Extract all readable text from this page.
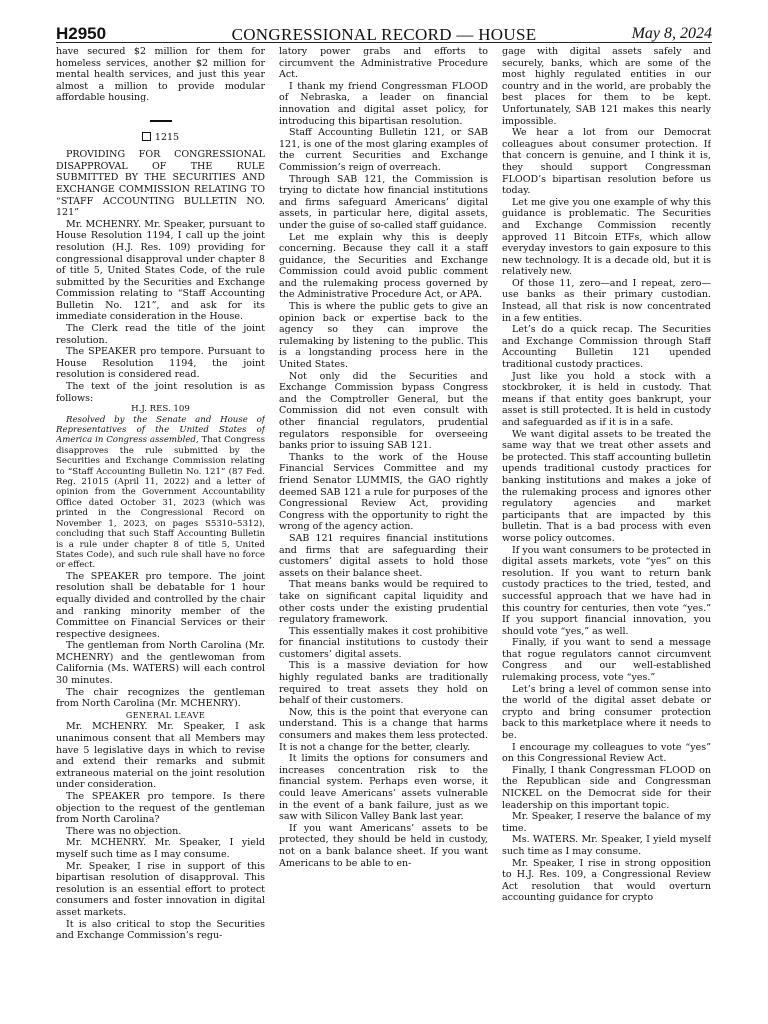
H2950	CONGRESSIONAL RECORD — HOUSE	May 8, 2024

have secured $2 million for them for homeless services, another $2 million for mental health services, and just this year almost a million to provide modular affordable housing.

1215

PROVIDING FOR CONGRESSIONAL DISAPPROVAL OF THE RULE SUBMITTED BY THE SECURITIES AND EXCHANGE COMMISSION RELATING TO “STAFF ACCOUNTING BULLETIN NO. 121”

Mr. MCHENRY. Mr. Speaker, pursuant to House Resolution 1194, I call up the joint resolution (H.J. Res. 109) providing for congressional disapproval under chapter 8 of title 5, United States Code, of the rule submitted by the Securities and Exchange Commission relating to “Staff Accounting Bulletin No. 121”, and ask for its immediate consideration in the House.

The Clerk read the title of the joint resolution.

The SPEAKER pro tempore. Pursuant to House Resolution 1194, the joint resolution is considered read.

The text of the joint resolution is as follows:

H.J. RES. 109

Resolved by the Senate and House of Representatives of the United States of America in Congress assembled, That Congress disapproves the rule submitted by the Securities and Exchange Commission relating to “Staff Accounting Bulletin No. 121” (87 Fed. Reg. 21015 (April 11, 2022) and a letter of opinion from the Government Accountability Office dated October 31, 2023 (which was printed in the Congressional Record on November 1, 2023, on pages S5310–5312), concluding that such Staff Accounting Bulletin is a rule under chapter 8 of title 5, United States Code), and such rule shall have no force or effect.

The SPEAKER pro tempore. The joint resolution shall be debatable for 1 hour equally divided and controlled by the chair and ranking minority member of the Committee on Financial Services or their respective designees.

The gentleman from North Carolina (Mr. MCHENRY) and the gentlewoman from California (Ms. WATERS) will each control 30 minutes.

The chair recognizes the gentleman from North Carolina (Mr. MCHENRY).

GENERAL LEAVE

Mr. MCHENRY. Mr. Speaker, I ask unanimous consent that all Members may have 5 legislative days in which to revise and extend their remarks and submit extraneous material on the joint resolution under consideration.

The SPEAKER pro tempore. Is there objection to the request of the gentleman from North Carolina?

There was no objection.

Mr. MCHENRY. Mr. Speaker, I yield myself such time as I may consume.

Mr. Speaker, I rise in support of this bipartisan resolution of disapproval. This resolution is an essential effort to protect consumers and foster innovation in digital asset markets.

It is also critical to stop the Securities and Exchange Commission’s regu-

latory power grabs and efforts to circumvent the Administrative Procedure Act.

I thank my friend Congressman FLOOD of Nebraska, a leader on financial innovation and digital asset policy, for introducing this bipartisan resolution.

Staff Accounting Bulletin 121, or SAB 121, is one of the most glaring examples of the current Securities and Exchange Commission’s reign of overreach.

Through SAB 121, the Commission is trying to dictate how financial institutions and firms safeguard Americans’ digital assets, in particular here, digital assets, under the guise of so-called staff guidance.

Let me explain why this is deeply concerning. Because they call it a staff guidance, the Securities and Exchange Commission could avoid public comment and the rulemaking process governed by the Administrative Procedure Act, or APA.

This is where the public gets to give an opinion back or expertise back to the agency so they can improve the rulemaking by listening to the public. This is a longstanding process here in the United States.

Not only did the Securities and Exchange Commission bypass Congress and the Comptroller General, but the Commission did not even consult with other financial regulators, prudential regulators responsible for overseeing banks prior to issuing SAB 121.

Thanks to the work of the House Financial Services Committee and my friend Senator LUMMIS, the GAO rightly deemed SAB 121 a rule for purposes of the Congressional Review Act, providing Congress with the opportunity to right the wrong of the agency action.

SAB 121 requires financial institutions and firms that are safeguarding their customers’ digital assets to hold those assets on their balance sheet.

That means banks would be required to take on significant capital liquidity and other costs under the existing prudential regulatory framework.

This essentially makes it cost prohibitive for financial institutions to custody their customers’ digital assets.

This is a massive deviation for how highly regulated banks are traditionally required to treat assets they hold on behalf of their customers.

Now, this is the point that everyone can understand. This is a change that harms consumers and makes them less protected. It is not a change for the better, clearly.

It limits the options for consumers and increases concentration risk to the financial system. Perhaps even worse, it could leave Americans’ assets vulnerable in the event of a bank failure, just as we saw with Silicon Valley Bank last year.

If you want Americans’ assets to be protected, they should be held in custody, not on a bank balance sheet. If you want Americans to be able to en-

gage with digital assets safely and securely, banks, which are some of the most highly regulated entities in our country and in the world, are probably the best places for them to be kept. Unfortunately, SAB 121 makes this nearly impossible.

We hear a lot from our Democrat colleagues about consumer protection. If that concern is genuine, and I think it is, they should support Congressman FLOOD’s bipartisan resolution before us today.

Let me give you one example of why this guidance is problematic. The Securities and Exchange Commission recently approved 11 Bitcoin ETFs, which allow everyday investors to gain exposure to this new technology. It is a decade old, but it is relatively new.

Of those 11, zero—and I repeat, zero—use banks as their primary custodian. Instead, all that risk is now concentrated in a few entities.

Let’s do a quick recap. The Securities and Exchange Commission through Staff Accounting Bulletin 121 upended traditional custody practices.

Just like you hold a stock with a stockbroker, it is held in custody. That means if that entity goes bankrupt, your asset is still protected. It is held in custody and safeguarded as if it is in a safe.

We want digital assets to be treated the same way that we treat other assets and be protected. This staff accounting bulletin upends traditional custody practices for banking institutions and makes a joke of the rulemaking process and ignores other regulatory agencies and market participants that are impacted by this bulletin. That is a bad process with even worse policy outcomes.

If you want consumers to be protected in digital assets markets, vote “yes” on this resolution. If you want to return bank custody practices to the tried, tested, and successful approach that we have had in this country for centuries, then vote “yes.” If you support financial innovation, you should vote “yes,” as well.

Finally, if you want to send a message that rogue regulators cannot circumvent Congress and our well-established rulemaking process, vote “yes.”

Let’s bring a level of common sense into the world of the digital asset debate or crypto and bring consumer protection back to this marketplace where it needs to be.

I encourage my colleagues to vote “yes” on this Congressional Review Act.

Finally, I thank Congressman FLOOD on the Republican side and Congressman NICKEL on the Democrat side for their leadership on this important topic.

Mr. Speaker, I reserve the balance of my time.

Ms. WATERS. Mr. Speaker, I yield myself such time as I may consume.

Mr. Speaker, I rise in strong opposition to H.J. Res. 109, a Congressional Review Act resolution that would overturn accounting guidance for crypto
